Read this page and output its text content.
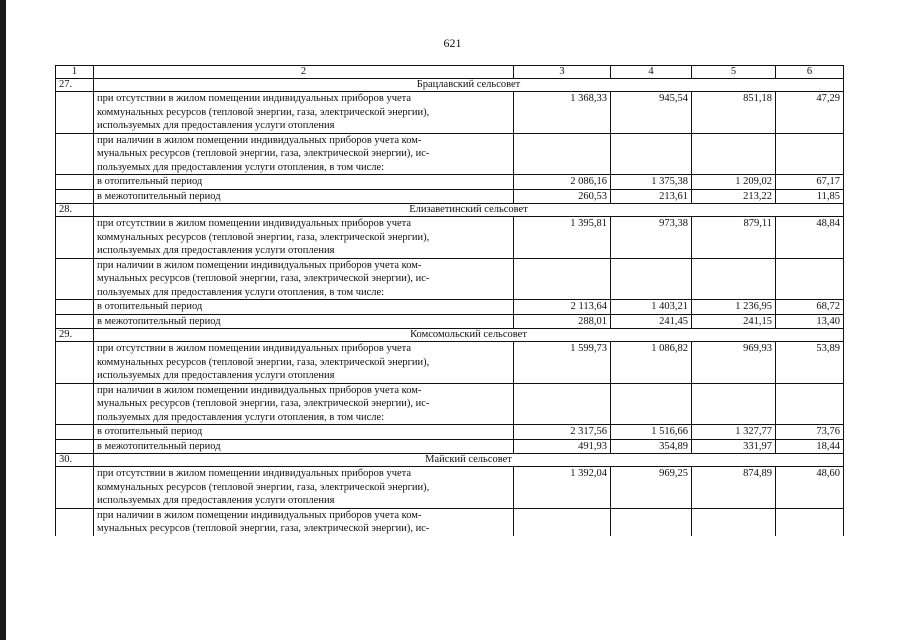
621
1	2	3	4	5	6
27.	Брацлавский сельсовет				

	при отсутствии в жилом помещении индивидуальных приборов учета
коммунальных ресурсов (тепловой энергии, газа, электрической энергии),
используемых для предоставления услуги отопления	1 368,33	945,54	851,18	47,29

	при наличии в жилом помещении индивидуальных приборов учета ком-
мунальных ресурсов (тепловой энергии, газа, электрической энергии), ис-
пользуемых для предоставления услуги отопления, в том числе:				

	в отопительный период	2 086,16	1 375,38	1 209,02	67,17

	в межотопительный период	260,53	213,61	213,22	11,85
28.	Елизаветинский сельсовет				

	при отсутствии в жилом помещении индивидуальных приборов учета
коммунальных ресурсов (тепловой энергии, газа, электрической энергии),
используемых для предоставления услуги отопления	1 395,81	973,38	879,11	48,84

	при наличии в жилом помещении индивидуальных приборов учета ком-
мунальных ресурсов (тепловой энергии, газа, электрической энергии), ис-
пользуемых для предоставления услуги отопления, в том числе:				

	в отопительный период	2 113,64	1 403,21	1 236,95	68,72

	в межотопительный период	288,01	241,45	241,15	13,40
29.	Комсомольский сельсовет				

	при отсутствии в жилом помещении индивидуальных приборов учета
коммунальных ресурсов (тепловой энергии, газа, электрической энергии),
используемых для предоставления услуги отопления	1 599,73	1 086,82	969,93	53,89

	при наличии в жилом помещении индивидуальных приборов учета ком-
мунальных ресурсов (тепловой энергии, газа, электрической энергии), ис-
пользуемых для предоставления услуги отопления, в том числе:				

	в отопительный период	2 317,56	1 516,66	1 327,77	73,76

	в межотопительный период	491,93	354,89	331,97	18,44
30.	Майский сельсовет				

	при отсутствии в жилом помещении индивидуальных приборов учета
коммунальных ресурсов (тепловой энергии, газа, электрической энергии),
используемых для предоставления услуги отопления	1 392,04	969,25	874,89	48,60

	при наличии в жилом помещении индивидуальных приборов учета ком-
мунальных ресурсов (тепловой энергии, газа, электрической энергии), ис-				
